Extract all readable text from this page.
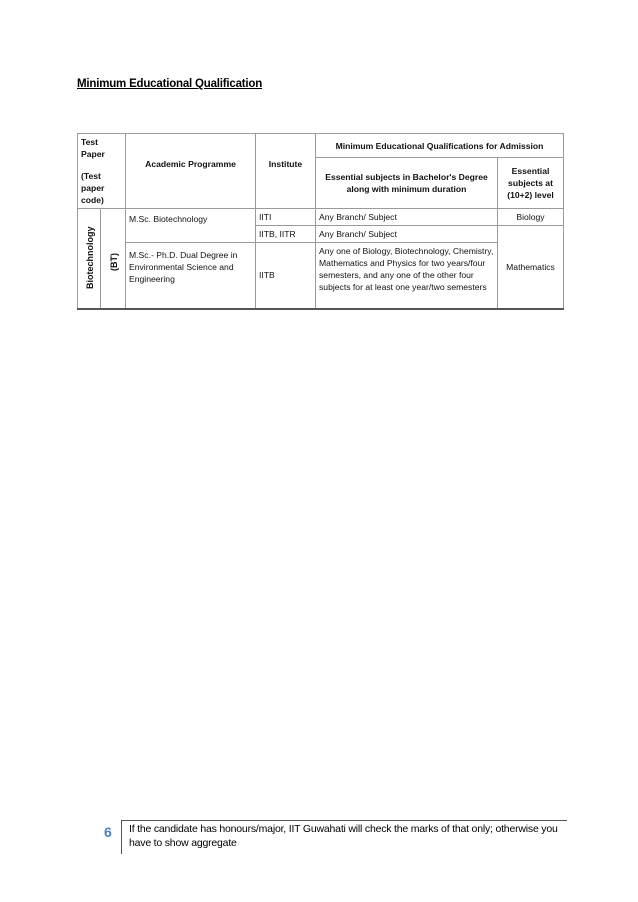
Minimum Educational Qualification
Test Paper
(Test paper code)		Academic Programme	Institute	Minimum Educational Qualifications for Admission	
				Essential subjects in Bachelor's Degree along with minimum duration	Essential subjects at (10+2) level

Biotechnology	(BT)	M.Sc. Biotechnology	IITI	Any Branch/ Subject	Biology
			IITB, IITR	Any Branch/ Subject	Mathematics
		M.Sc.- Ph.D. Dual Degree in Environmental Science and Engineering	IITB	Any one of Biology, Biotechnology, Chemistry, Mathematics and Physics for two years/four semesters, and any one of the other four subjects for at least one year/two semesters	
6 If the candidate has honours/major, IIT Guwahati will check the marks of that only; otherwise you have to show aggregate
